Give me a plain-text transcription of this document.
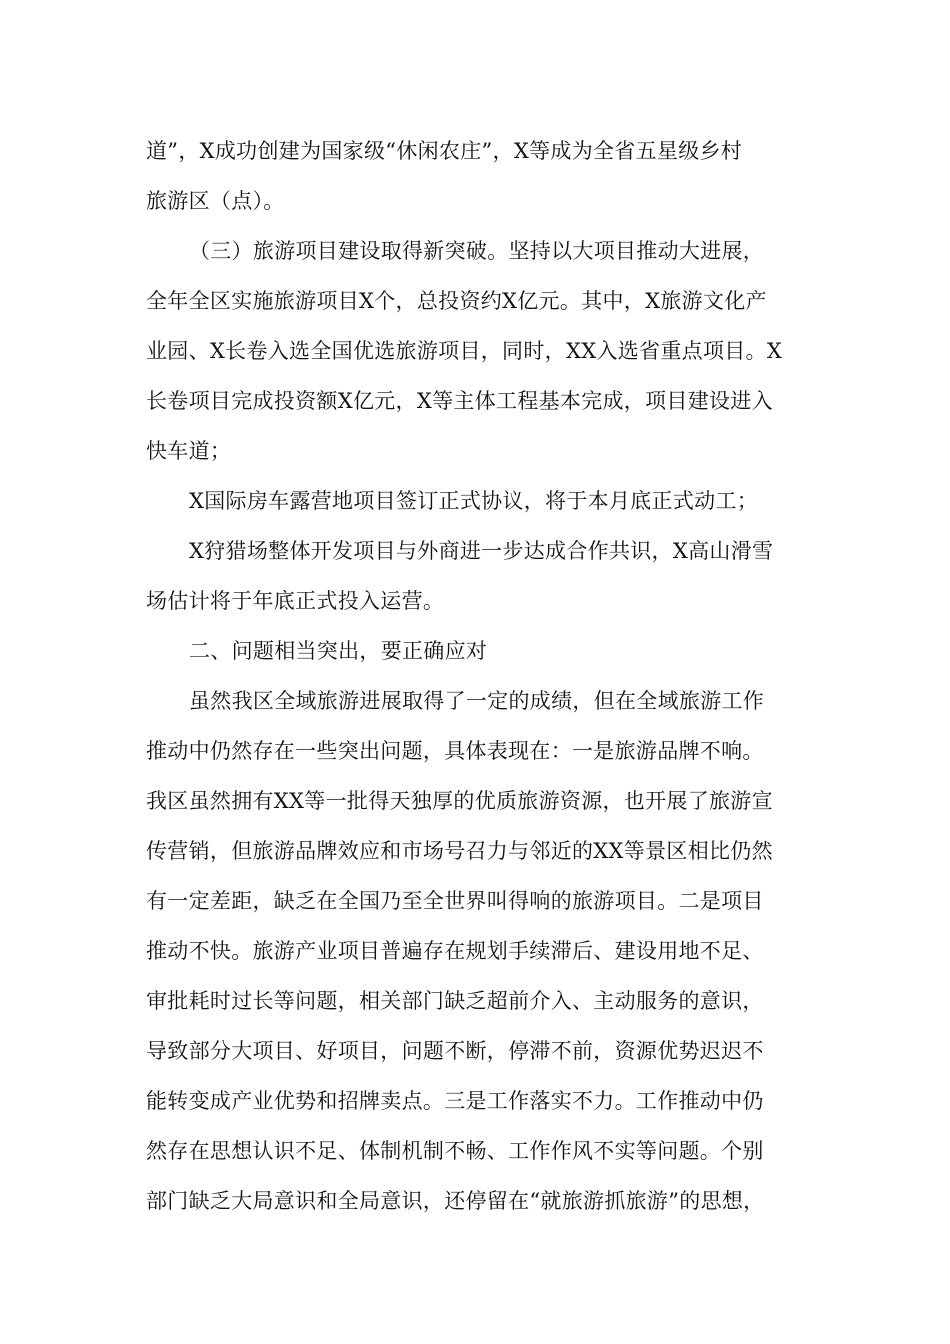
道”，X成功创建为国家级“休闲农庄”，X等成为全省五星级乡村
旅游区（点）。
（三）旅游项目建设取得新突破。坚持以大项目推动大进展，
全年全区实施旅游项目X个，总投资约X亿元。其中，X旅游文化产
业园、X长卷入选全国优选旅游项目，同时，XX入选省重点项目。X
长卷项目完成投资额X亿元，X等主体工程基本完成，项目建设进入
快车道；
X国际房车露营地项目签订正式协议，将于本月底正式动工；
X狩猎场整体开发项目与外商进一步达成合作共识，X高山滑雪
场估计将于年底正式投入运营。
二、问题相当突出，要正确应对
虽然我区全域旅游进展取得了一定的成绩，但在全域旅游工作
推动中仍然存在一些突出问题，具体表现在：一是旅游品牌不响。
我区虽然拥有XX等一批得天独厚的优质旅游资源，也开展了旅游宣
传营销，但旅游品牌效应和市场号召力与邻近的XX等景区相比仍然
有一定差距，缺乏在全国乃至全世界叫得响的旅游项目。二是项目
推动不快。旅游产业项目普遍存在规划手续滞后、建设用地不足、
审批耗时过长等问题，相关部门缺乏超前介入、主动服务的意识，
导致部分大项目、好项目，问题不断，停滞不前，资源优势迟迟不
能转变成产业优势和招牌卖点。三是工作落实不力。工作推动中仍
然存在思想认识不足、体制机制不畅、工作作风不实等问题。个别
部门缺乏大局意识和全局意识，还停留在“就旅游抓旅游”的思想，
